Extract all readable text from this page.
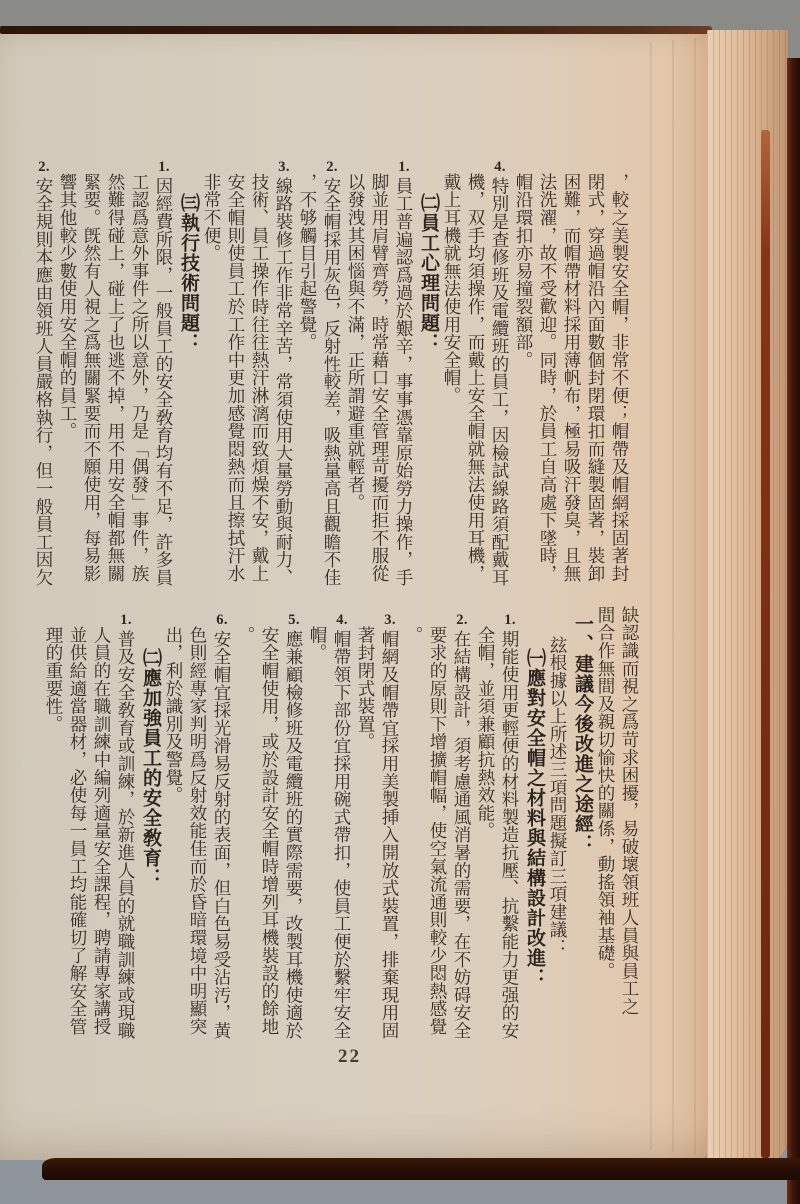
，較之美製安全帽，非常不便；帽帶及帽網採固著封
閉式，穿過帽沿內面數個封閉環扣而縫製固著，裝卸
困難，而帽帶材料採用薄帆布，極易吸汗發臭，且無
法洗濯，故不受歡迎。同時，於員工自高處下墜時，
帽沿環扣亦易撞裂額部。
4.特別是查修班及電纜班的員工，因檢試線路須配戴耳
機，双手均須操作，而戴上安全帽就無法使用耳機，
戴上耳機就無法使用安全帽。
㈡員工心理問題：
1.員工普遍認爲過於艱辛，事事憑靠原始勞力操作，手
脚並用肩臂齊勞，時常藉口安全管理苛擾而拒不服從
以發洩其困惱與不滿，正所謂避重就輕者。
2.安全帽採用灰色，反射性較差，吸熱量高且觀瞻不佳
，不够觸目引起警覺。
3.線路裝修工作非常辛苦，常須使用大量勞動與耐力、
技術、員工操作時往往熱汗淋漓而致煩燥不安，戴上
安全帽則使員工於工作中更加感覺悶熱而且擦拭汗水
非常不便。
㈢執行技術問題：
1.因經費所限，一般員工的安全敎育均有不足，許多員
工認爲意外事件之所以意外，乃是「偶發」事件，族
然難得碰上，碰上了也逃不掉，用不用安全帽都無關
緊要。旣然有人視之爲無關緊要而不願使用，每易影
響其他較少數使用安全帽的員工。
2.安全規則本應由領班人員嚴格執行，但一般員工因欠
缺認識而視之爲苛求困擾，易破壞領班人員與員工之
間合作無間及親切愉快的關係，動搖領袖基礎。
一、建議今後改進之途經：
玆根據以上所述三項問題擬訂三項建議：
㈠應對安全帽之材料與結構設計改進：
1.期能使用更輕便的材料製造抗壓、抗繫能力更强的安
全帽，並須兼顧抗熱效能。
2.在結構設計，須考慮通風消暑的需要，在不妨碍安全
要求的原則下增擴帽幅，使空氣流通則較少悶熱感覺
。
3.帽網及帽帶宜採用美製挿入開放式裝置，排棄現用固
著封閉式裝置。
4.帽帶領下部份宜採用碗式帶扣，使員工便於繫牢安全
帽。
5.應兼顧檢修班及電纜班的實際需要，改製耳機使適於
安全帽使用，或於設計安全帽時增列耳機裝設的餘地
。
6.安全帽宜採光滑易反射的表面，但白色易受沾汚，黃
色則經專家判明爲反射效能佳而於昏暗環境中明顯突
出，利於識別及警覺。
㈡應加強員工的安全敎育：
1.普及安全敎育或訓練，於新進人員的就職訓練或現職
人員的在職訓練中編列適量安全課程，聘請專家講授
並供給適當器材，必使每一員工均能確切了解安全管
理的重要性。
22
